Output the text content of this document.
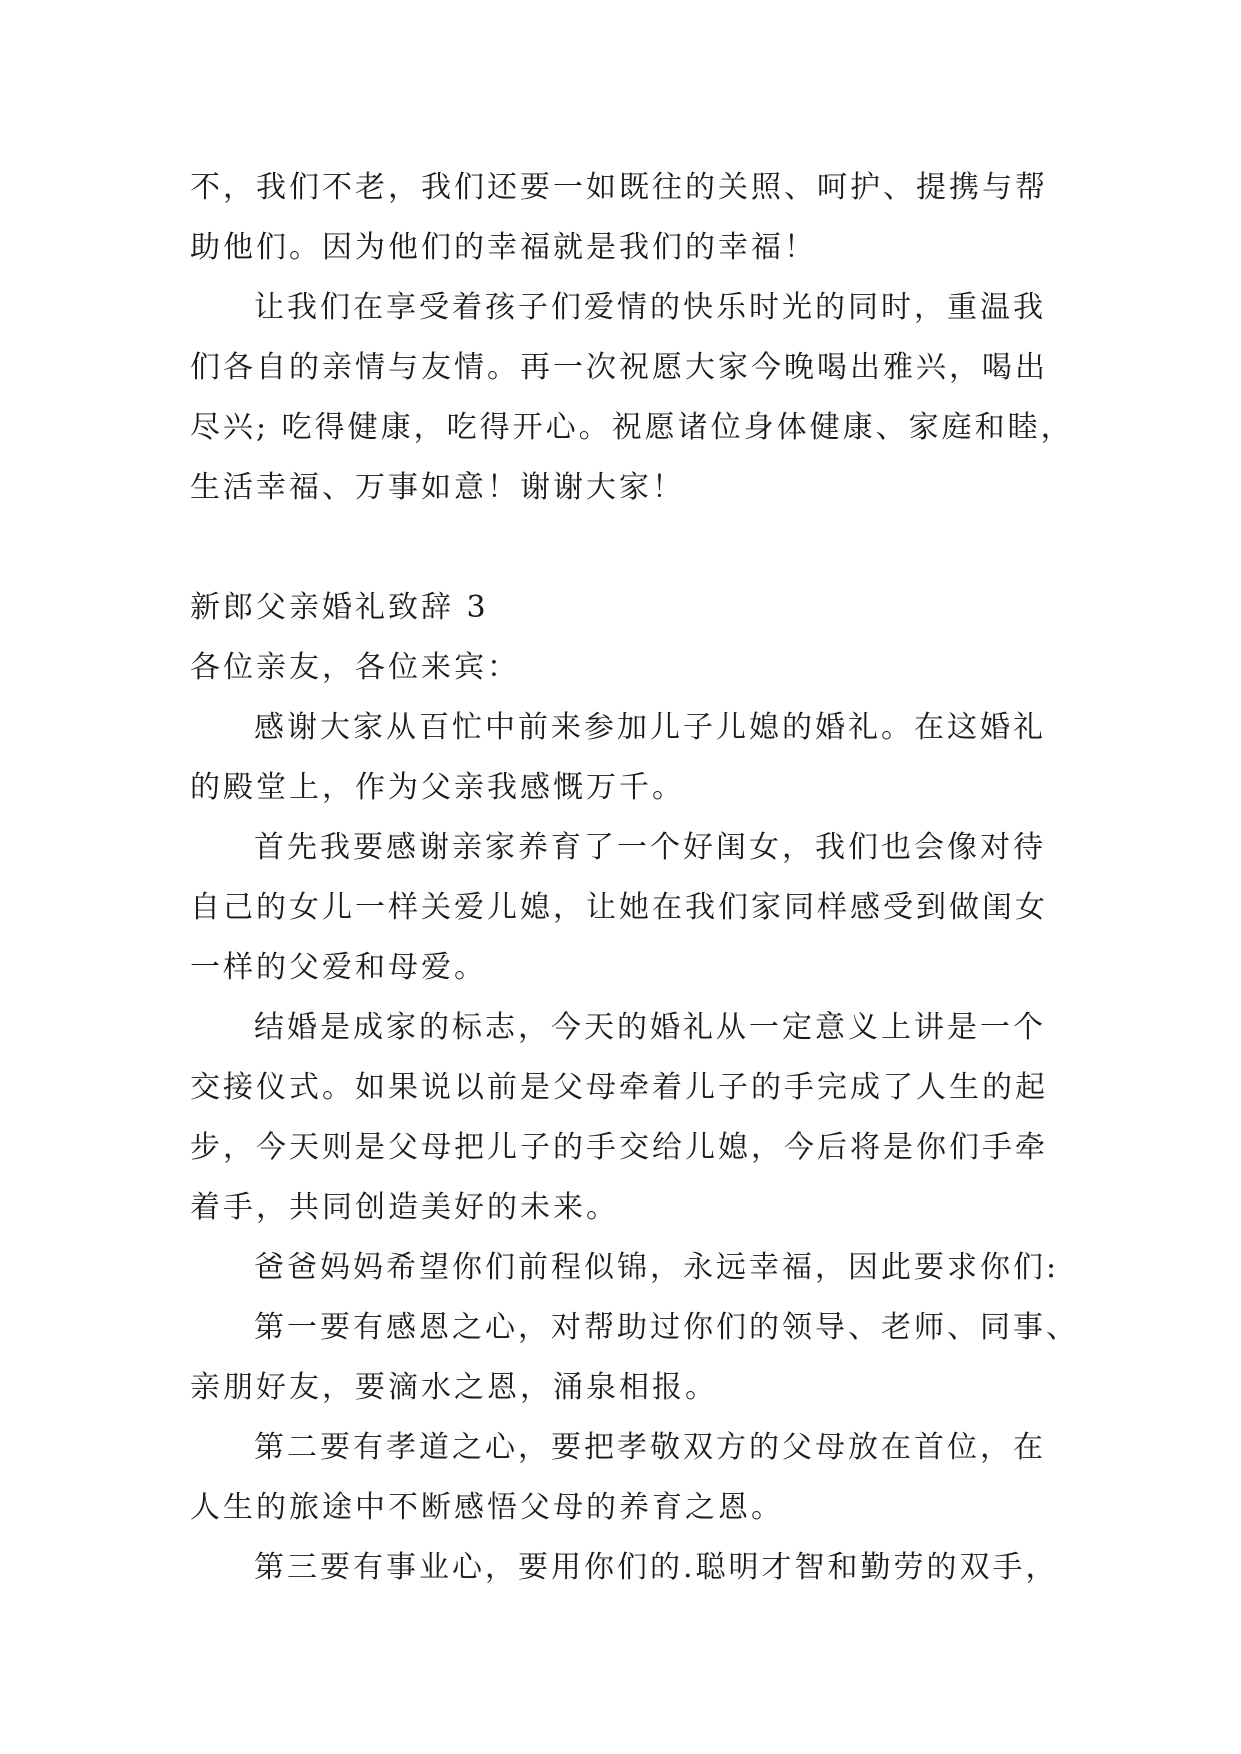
不，我们不老，我们还要一如既往的关照、呵护、提携与帮

助他们。因为他们的幸福就是我们的幸福！

让我们在享受着孩子们爱情的快乐时光的同时，重温我

们各自的亲情与友情。再一次祝愿大家今晚喝出雅兴，喝出

尽兴; 吃得健康，吃得开心。祝愿诸位身体健康、家庭和睦，

生活幸福、万事如意！谢谢大家！

新郎父亲婚礼致辞 3

各位亲友，各位来宾：

感谢大家从百忙中前来参加儿子儿媳的婚礼。在这婚礼

的殿堂上，作为父亲我感慨万千。

首先我要感谢亲家养育了一个好闺女，我们也会像对待

自己的女儿一样关爱儿媳，让她在我们家同样感受到做闺女

一样的父爱和母爱。

结婚是成家的标志，今天的婚礼从一定意义上讲是一个

交接仪式。如果说以前是父母牵着儿子的手完成了人生的起

步，今天则是父母把儿子的手交给儿媳，今后将是你们手牵

着手，共同创造美好的未来。

爸爸妈妈希望你们前程似锦，永远幸福，因此要求你们:

第一要有感恩之心，对帮助过你们的领导、老师、同事、

亲朋好友，要滴水之恩，涌泉相报。

第二要有孝道之心，要把孝敬双方的父母放在首位，在

人生的旅途中不断感悟父母的养育之恩。

第三要有事业心，要用你们的.聪明才智和勤劳的双手，
